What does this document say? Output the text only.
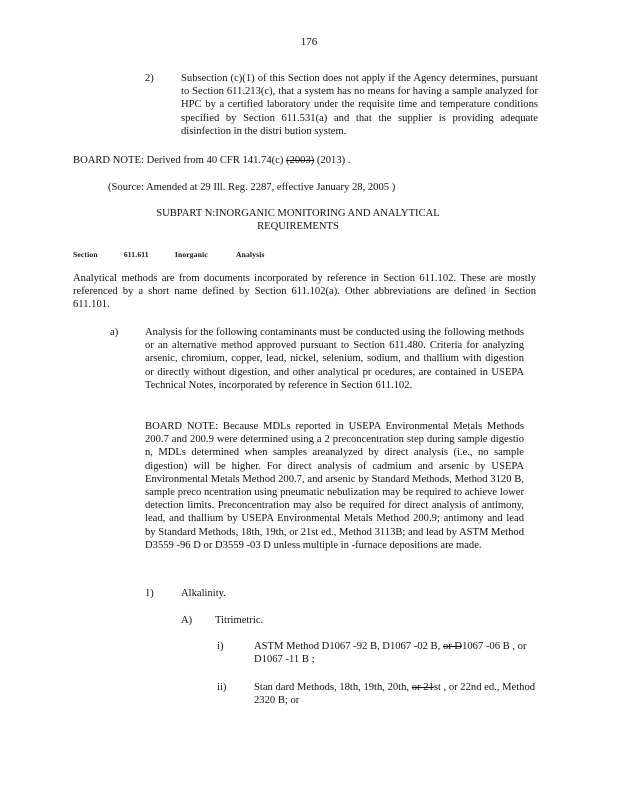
176
2)	Subsection (c)(1) of this Section does not apply if the Agency determines, pursuant to Section 611.213(c), that a system has no means for having a sample analyzed for HPC by a certified laboratory under the requisite time and temperature conditions specified by Section 611.531(a) and that the supplier is providing adequate disinfection in the distri bution system.
BOARD NOTE: Derived from 40 CFR 141.74(c) (2003) (2013) .
(Source: Amended at 29 Ill. Reg. 2287, effective January 28, 2005 )
SUBPART N:INORGANIC MONITORING AND ANALYTICAL
REQUIREMENTS
Section	611.611	Inorganic	Analysis
Analytical methods are from documents incorporated by reference in Section 611.102. These are mostly referenced by a short name defined by Section 611.102(a). Other abbreviations are defined in Section 611.101.
a)	Analysis for the following contaminants must be conducted using the following methods or an alternative method approved pursuant to Section 611.480. Criteria for analyzing arsenic, chromium, copper, lead, nickel, selenium, sodium, and thallium with digestion or directly without digestion, and other analytical pr ocedures, are contained in USEPA Technical Notes, incorporated by reference in Section 611.102.
BOARD NOTE: Because MDLs reported in USEPA Environmental Metals Methods 200.7 and 200.9 were determined using a 2 preconcentration step during sample digestio n, MDLs determined when samples areanalyzed by direct analysis (i.e., no sample digestion) will be higher. For direct analysis of cadmium and arsenic by USEPA Environmental Metals Method 200.7, and arsenic by Standard Methods, Method 3120 B, sample preco ncentration using pneumatic nebulization may be required to achieve lower detection limits. Preconcentration may also be required for direct analysis of antimony, lead, and thallium by USEPA Environmental Metals Method 200.9; antimony and lead by Standard Methods, 18th, 19th, or 21st ed., Method 3113B; and lead by ASTM Method D3559 -96 D or D3559 -03 D unless multiple in -furnace depositions are made.
1)	Alkalinity.
A) Titrimetric.
i)	ASTM Method D1067 -92 B, D1067 -02 B, or D1067 -06 B , or D1067 -11 B ;
ii)	Stan dard Methods, 18th, 19th, 20th, or 21st , or 22nd ed., Method 2320 B; or
